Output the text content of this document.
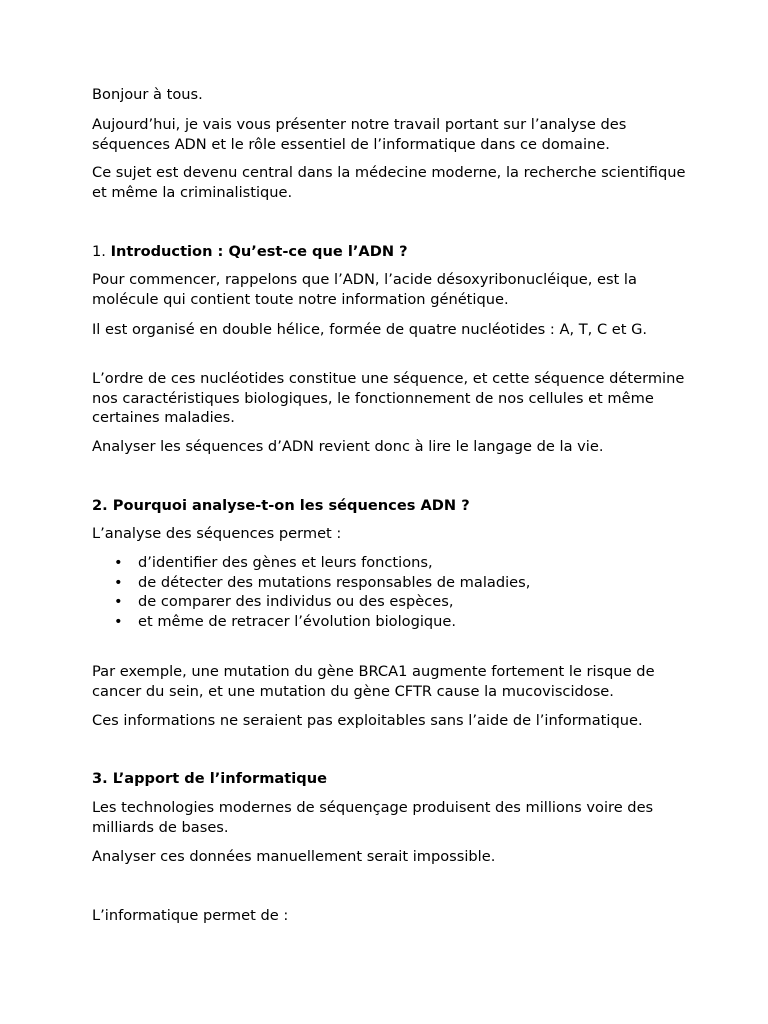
Bonjour à tous.

Aujourd’hui, je vais vous présenter notre travail portant sur l’analyse des séquences ADN et le rôle essentiel de l’informatique dans ce domaine.

Ce sujet est devenu central dans la médecine moderne, la recherche scientifique et même la criminalistique.

1. Introduction : Qu’est-ce que l’ADN ?

Pour commencer, rappelons que l’ADN, l’acide désoxyribonucléique, est la molécule qui contient toute notre information génétique.

Il est organisé en double hélice, formée de quatre nucléotides : A, T, C et G.

L’ordre de ces nucléotides constitue une séquence, et cette séquence détermine nos caractéristiques biologiques, le fonctionnement de nos cellules et même certaines maladies.

Analyser les séquences d’ADN revient donc à lire le langage de la vie.

2. Pourquoi analyse-t-on les séquences ADN ?

L’analyse des séquences permet :

• d’identifier des gènes et leurs fonctions,
• de détecter des mutations responsables de maladies,
• de comparer des individus ou des espèces,
• et même de retracer l’évolution biologique.

Par exemple, une mutation du gène BRCA1 augmente fortement le risque de cancer du sein, et une mutation du gène CFTR cause la mucoviscidose.

Ces informations ne seraient pas exploitables sans l’aide de l’informatique.

3. L’apport de l’informatique

Les technologies modernes de séquençage produisent des millions voire des milliards de bases.

Analyser ces données manuellement serait impossible.

L’informatique permet de :
